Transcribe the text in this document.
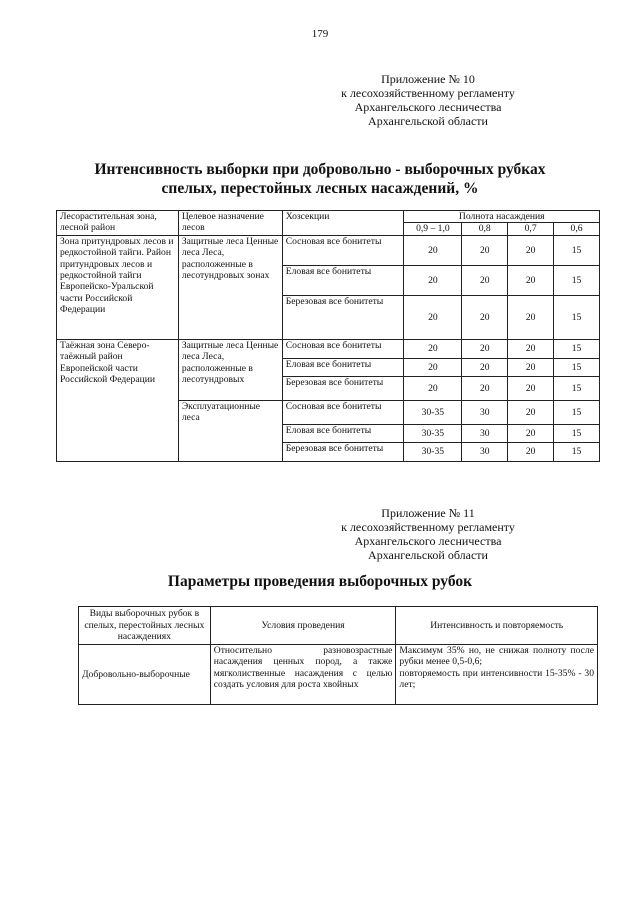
179
Приложение № 10
к лесохозяйственному регламенту
Архангельского лесничества
Архангельской области
Интенсивность выборки при добровольно - выборочных рубках
спелых, перестойных лесных насаждений, %
Лесорастительная зона, лесной район	Целевое назначение лесов	Хозсекции	Полнота насаждения			
			0,9 – 1,0	0,8	0,7	0,6
Зона притундровых лесов и редкостойной тайги. Район притундровых лесов и редкостойной тайги Европейско-Уральской части Российской Федерации	Защитные леса Ценные леса Леса, расположенные в лесотундровых зонах	Сосновая все бонитеты	20	20	20	15
		Еловая все бонитеты	20	20	20	15
		Березовая все бонитеты	20	20	20	15
Таёжная зона Северо-таёжный район Европейской части Российской Федерации	Защитные леса Ценные леса Леса, расположенные в лесотундровых	Сосновая все бонитеты	20	20	20	15
		Еловая все бонитеты	20	20	20	15
		Березовая все бонитеты	20	20	20	15
	Эксплуатационные леса	Сосновая все бонитеты	30-35	30	20	15
		Еловая все бонитеты	30-35	30	20	15
		Березовая все бонитеты	30-35	30	20	15
Приложение № 11
к лесохозяйственному регламенту
Архангельского лесничества
Архангельской области
Параметры проведения выборочных рубок
Виды выборочных рубок в спелых, перестойных лесных насаждениях	Условия проведения	Интенсивность и повторяемость
Добровольно-выборочные	Относительно разновозрастные насаждения ценных пород, а также мягколиственные насаждения с целью создать условия для роста хвойных	Максимум 35% но, не снижая полноту после рубки менее 0,5-0,6;
повторяемость при интенсивности 15-35% - 30 лет;
